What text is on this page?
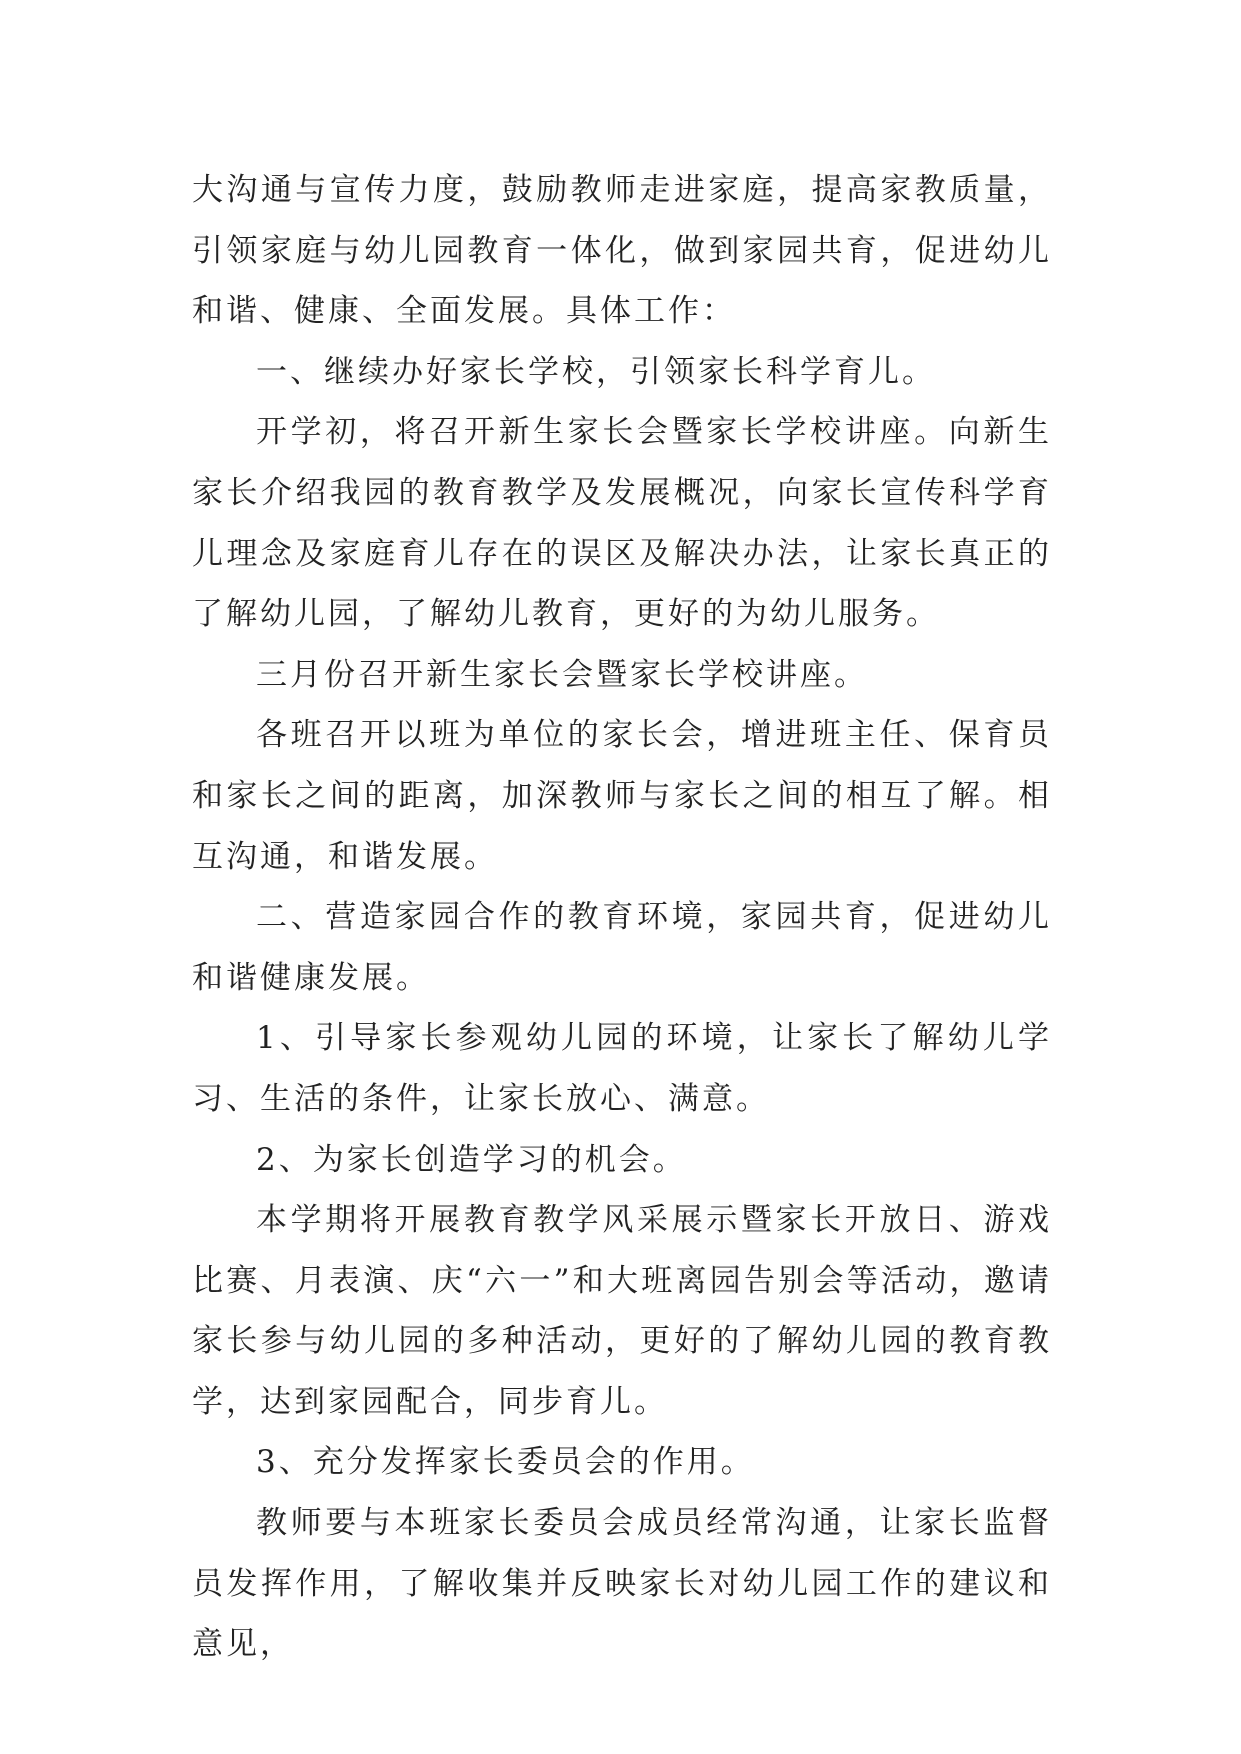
大沟通与宣传力度，鼓励教师走进家庭，提高家教质量，引领家庭与幼儿园教育一体化，做到家园共育，促进幼儿和谐、健康、全面发展。具体工作：

一、继续办好家长学校，引领家长科学育儿。

开学初，将召开新生家长会暨家长学校讲座。向新生家长介绍我园的教育教学及发展概况，向家长宣传科学育儿理念及家庭育儿存在的误区及解决办法，让家长真正的了解幼儿园，了解幼儿教育，更好的为幼儿服务。

三月份召开新生家长会暨家长学校讲座。

各班召开以班为单位的家长会，增进班主任、保育员和家长之间的距离，加深教师与家长之间的相互了解。相互沟通，和谐发展。

二、营造家园合作的教育环境，家园共育，促进幼儿和谐健康发展。

1、引导家长参观幼儿园的环境，让家长了解幼儿学习、生活的条件，让家长放心、满意。

2、为家长创造学习的机会。

本学期将开展教育教学风采展示暨家长开放日、游戏比赛、月表演、庆“六一”和大班离园告别会等活动，邀请家长参与幼儿园的多种活动，更好的了解幼儿园的教育教学，达到家园配合，同步育儿。

3、充分发挥家长委员会的作用。

教师要与本班家长委员会成员经常沟通，让家长监督员发挥作用，了解收集并反映家长对幼儿园工作的建议和意见，
